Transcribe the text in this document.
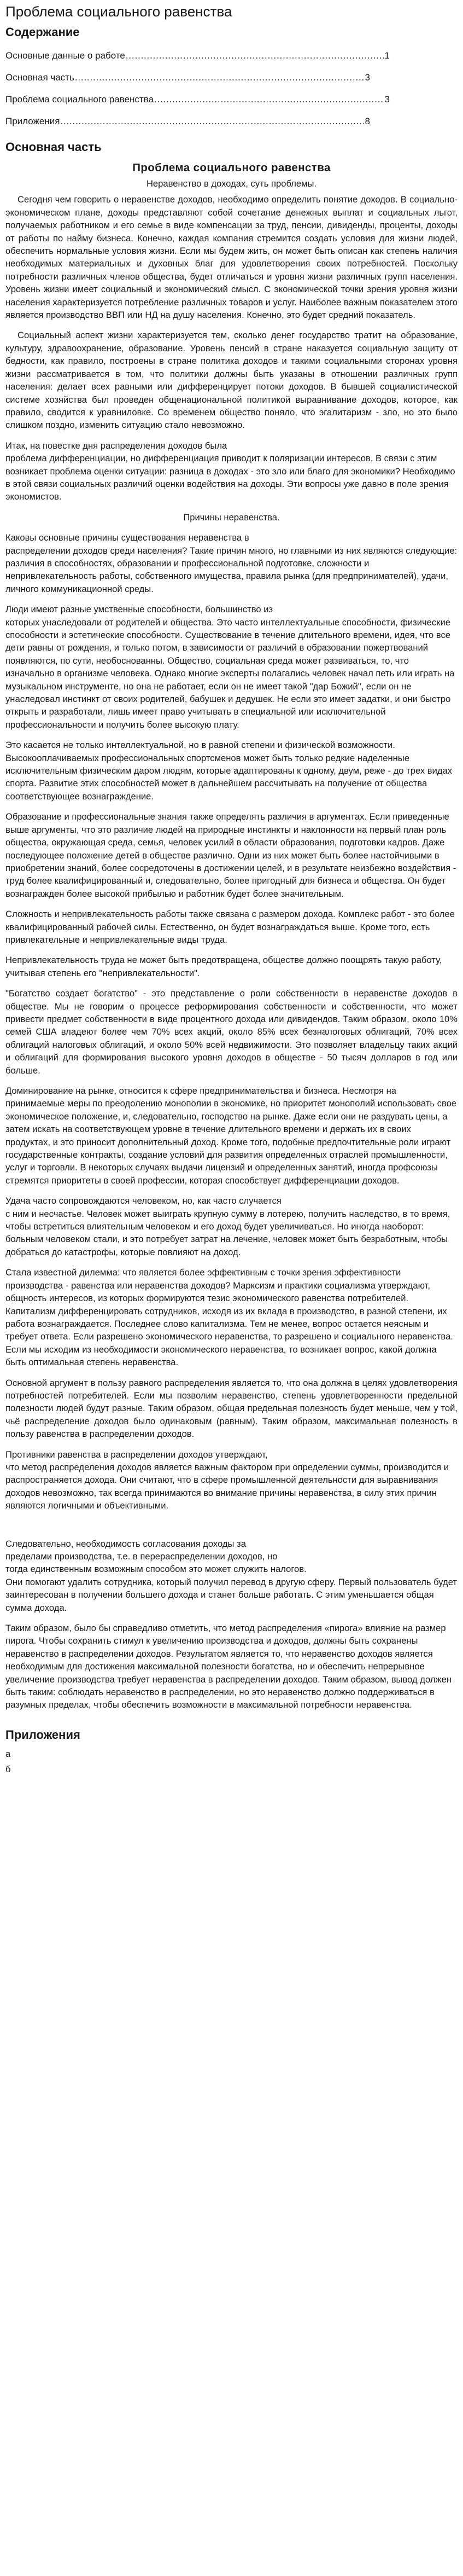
Проблема социального равенства
Содержание
Основные данные о работе .....	1
Основная часть .....	3
Проблема социального равенства .....	3
Приложения .....	8
Основная часть
Проблема социального равенства
Неравенство в доходах, суть проблемы.

Сегодня чем говорить о неравенстве доходов, необходимо определить понятие доходов. В социально-экономическом плане, доходы представляют собой сочетание денежных выплат и социальных льгот, получаемых работником и его семье в виде компенсации за труд, пенсии, дивиденды, проценты, доходы от работы по найму бизнеса. Конечно, каждая компания стремится создать условия для жизни людей, обеспечить нормальные условия жизни. Если мы будем жить, он может быть описан как степень наличия необходимых материальных и духовных благ для удовлетворения своих потребностей. Поскольку потребности различных членов общества, будет отличаться и уровня жизни различных групп населения. Уровень жизни имеет социальный и экономический смысл. С экономической точки зрения уровня жизни населения характеризуется потребление различных товаров и услуг. Наиболее важным показателем этого является производство ВВП или НД на душу населения. Конечно, это будет средний показатель.

Социальный аспект жизни характеризуется тем, сколько денег государство тратит на образование, культуру, здравоохранение, образование. Уровень пенсий в стране наказуется социальную защиту от бедности, как правило, построены в стране политика доходов и такими социальными сторонах уровня жизни рассматривается в том, что политики должны быть указаны в отношении различных групп населения: делает всех равными или дифференцирует потоки доходов. В бывшей социалистической системе хозяйства был проведен общенациональной политикой выравнивание доходов, которое, как правило, сводится к уравниловке. Со временем общество поняло, что эгалитаризм - зло, но это было слишком поздно, изменить ситуацию стало невозможно.

Итак, на повестке дня распределения доходов была
проблема дифференциации, но дифференциация приводит к поляризации интересов. В связи с этим возникает проблема оценки ситуации: разница в доходах - это зло или благо для экономики? Необходимо в этой связи социальных различий оценки водействия на доходы. Эти вопросы уже давно в поле зрения экономистов.

Причины неравенства.

Каковы основные причины существования неравенства в
распределении доходов среди населения? Такие причин много, но главными из них являются следующие: различия в способностях, образовании и профессиональной подготовке, сложности и непривлекательность работы, собственного имущества, правила рынка (для предпринимателей), удачи, личного коммуникационной среды.

Люди имеют разные умственные способности, большинство из
которых унаследовали от родителей и общества. Это часто интеллектуальные способности, физические способности и эстетические способности. Существование в течение длительного времени, идея, что все дети равны от рождения, и только потом, в зависимости от различий в образовании пожертвований появляются, по сути, необоснованны. Общество, социальная среда может развиваться, то, что изначально в организме человека. Однако многие эксперты полагались человек начал петь или играть на музыкальном инструменте, но она не работает, если он не имеет такой "дар Божий", если он не унаследовал инстинкт от своих родителей, бабушек и дедушек. Не если это имеет задатки, и они быстро открыть и разработали, лишь имеет право учитывать в специальной или исключительной профессиональности и получить более высокую плату.

Это касается не только интеллектуальной, но в равной степени и физической возможности. Высокооплачиваемых профессиональных спортсменов может быть только редкие наделенные исключительным физическим даром людям, которые адаптированы к одному, двум, реже - до трех видах спорта. Развитие этих способностей может в дальнейшем рассчитывать на получение от общества соответствующее вознаграждение.

Образование и профессиональные знания также определять различия в аргументах. Если приведенные выше аргументы, что это различие людей на природные инстинкты и наклонности на первый план роль общества, окружающая среда, семья, человек усилий в области образования, подготовки кадров. Даже последующее положение детей в обществе различно. Одни из них может быть более настойчивыми в приобретении знаний, более сосредоточены в достижении целей, и в результате неизбежно воздействия - труд более квалифицированный и, следовательно, более пригодный для бизнеса и общества. Он будет вознагражден более высокой прибылью и работник будет более значительным.

Сложность и непривлекательность работы также связана с размером дохода. Комплекс работ - это более квалифицированный рабочей силы. Естественно, он будет вознаграждаться выше. Кроме того, есть привлекательные и непривлекательные виды труда.

Непривлекательность труда не может быть предотвращена, обществе должно поощрять такую работу, учитывая степень его "непривлекательности".

"Богатство создает богатство" - это представление о роли собственности в неравенстве доходов в обществе. Мы не говорим о процессе реформирования собственности и собственности, что может привести предмет собственности в виде процентного дохода или дивидендов. Таким образом, около 10% семей США владеют более чем 70% всех акций, около 85% всех безналоговых облигаций, 70% всех облигаций налоговых облигаций, и около 50% всей недвижимости. Это позволяет владельцу таких акций и облигаций для формирования высокого уровня доходов в обществе - 50 тысяч долларов в год или больше.

Доминирование на рынке, относится к сфере предпринимательства и бизнеса. Несмотря на принимаемые меры по преодолению монополии в экономике, но приоритет монополий использовать свое экономическое положение, и, следовательно, господство на рынке. Даже если они не раздувать цены, а затем искать на соответствующем уровне в течение длительного времени и держать их в своих продуктах, и это приносит дополнительный доход. Кроме того, подобные предпочтительные роли играют государственные контракты, создание условий для развития определенных отраслей промышленности, услуг и торговли. В некоторых случаях выдачи лицензий и определенных занятий, иногда профсоюзы стремятся приоритеты в своей профессии, которая способствует дифференциации доходов.

Удача часто сопровождаются человеком, но, как часто случается
с ним и несчастье. Человек может выиграть крупную сумму в лотерею, получить наследство, в то время, чтобы встретиться влиятельным человеком и его доход будет увеличиваться. Но иногда наоборот: больным человеком стали, и это потребует затрат на лечение, человек может быть безработным, чтобы добраться до катастрофы, которые повлияют на доход.

Стала известной дилемма: что является более эффективным с точки зрения эффективности производства - равенства или неравенства доходов? Марксизм и практики социализма утверждают, общность интересов, из которых формируются тезис экономического равенства потребителей. Капитализм дифференцировать сотрудников, исходя из их вклада в производство, в разной степени, их работа вознаграждается. Последнее слово капитализма. Тем не менее, вопрос остается неясным и требует ответа. Если разрешено экономического неравенства, то разрешено и социального неравенства. Если мы исходим из необходимости экономического неравенства, то возникает вопрос, какой должна быть оптимальная степень неравенства.

Основной аргумент в пользу равного распределения является то, что она должна в целях удовлетворения потребностей потребителей. Если мы позволим неравенство, степень удовлетворенности предельной полезности людей будут разные. Таким образом, общая предельная полезность будет меньше, чем у той, чьё распределение доходов было одинаковым (равным). Таким образом, максимальная полезность в пользу равенства в распределении доходов.

Противники равенства в распределении доходов утверждают,
что метод распределения доходов является важным фактором при определении суммы, производится и распространяется дохода. Они считают, что в сфере промышленной деятельности для выравнивания доходов невозможно, так всегда принимаются во внимание причины неравенства, в силу этих причин являются логичными и объективными.

Следовательно, необходимость согласования доходы за
пределами производства, т.е. в перераспределении доходов, но
тогда единственным возможным способом это может служить налогов.
Они помогают удалить сотрудника, который получил перевод в другую сферу. Первый пользователь будет заинтересован в получении большего дохода и станет больше работать. С этим уменьшается общая сумма дохода.

Таким образом, было бы справедливо отметить, что метод распределения «пирога» влияние на размер пирога. Чтобы сохранить стимул к увеличению производства и доходов, должны быть сохранены неравенство в распределении доходов. Результатом является то, что неравенство доходов является необходимым для достижения максимальной полезности богатства, но и обеспечить непрерывное увеличение производства требует неравенства в распределении доходов. Таким образом, вывод должен быть таким: соблюдать неравенство в распределении, но это неравенство должно поддерживаться в разумных пределах, чтобы обеспечить возможности в максимальной потребности неравенства.

Приложения
а
б
